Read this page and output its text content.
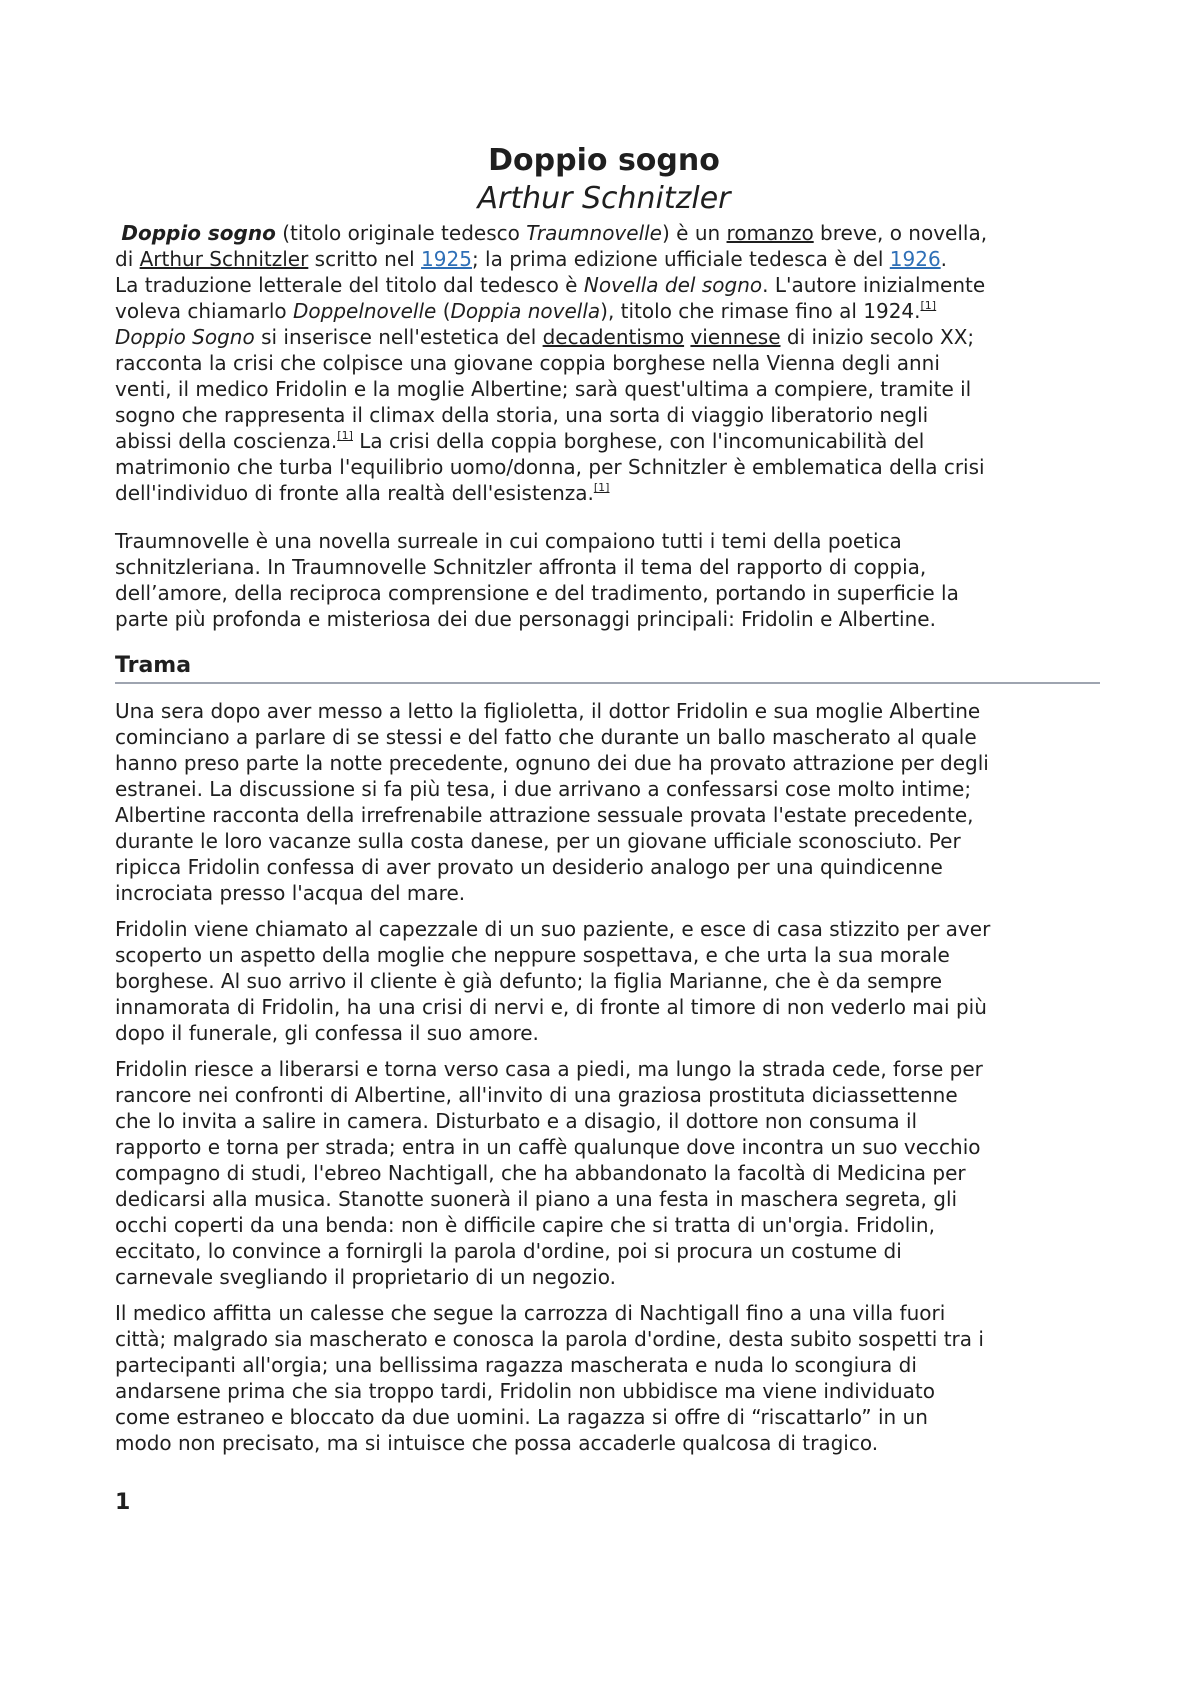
Doppio sogno
Arthur Schnitzler

Doppio sogno (titolo originale tedesco Traumnovelle) è un romanzo breve, o novella,
di Arthur Schnitzler scritto nel 1925; la prima edizione ufficiale tedesca è del 1926.

La traduzione letterale del titolo dal tedesco è Novella del sogno. L'autore inizialmente
voleva chiamarlo Doppelnovelle (Doppia novella), titolo che rimase fino al 1924.[1]

Doppio Sogno si inserisce nell'estetica del decadentismo viennese di inizio secolo XX;
racconta la crisi che colpisce una giovane coppia borghese nella Vienna degli anni
venti, il medico Fridolin e la moglie Albertine; sarà quest'ultima a compiere, tramite il
sogno che rappresenta il climax della storia, una sorta di viaggio liberatorio negli
abissi della coscienza.[1] La crisi della coppia borghese, con l'incomunicabilità del
matrimonio che turba l'equilibrio uomo/donna, per Schnitzler è emblematica della crisi
dell'individuo di fronte alla realtà dell'esistenza.[1]

Traumnovelle è una novella surreale in cui compaiono tutti i temi della poetica
schnitzleriana. In Traumnovelle Schnitzler affronta il tema del rapporto di coppia,
dell’amore, della reciproca comprensione e del tradimento, portando in superficie la
parte più profonda e misteriosa dei due personaggi principali: Fridolin e Albertine.

Trama

Una sera dopo aver messo a letto la figlioletta, il dottor Fridolin e sua moglie Albertine
cominciano a parlare di se stessi e del fatto che durante un ballo mascherato al quale
hanno preso parte la notte precedente, ognuno dei due ha provato attrazione per degli
estranei. La discussione si fa più tesa, i due arrivano a confessarsi cose molto intime;
Albertine racconta della irrefrenabile attrazione sessuale provata l'estate precedente,
durante le loro vacanze sulla costa danese, per un giovane ufficiale sconosciuto. Per
ripicca Fridolin confessa di aver provato un desiderio analogo per una quindicenne
incrociata presso l'acqua del mare.

Fridolin viene chiamato al capezzale di un suo paziente, e esce di casa stizzito per aver
scoperto un aspetto della moglie che neppure sospettava, e che urta la sua morale
borghese. Al suo arrivo il cliente è già defunto; la figlia Marianne, che è da sempre
innamorata di Fridolin, ha una crisi di nervi e, di fronte al timore di non vederlo mai più
dopo il funerale, gli confessa il suo amore.

Fridolin riesce a liberarsi e torna verso casa a piedi, ma lungo la strada cede, forse per
rancore nei confronti di Albertine, all'invito di una graziosa prostituta diciassettenne
che lo invita a salire in camera. Disturbato e a disagio, il dottore non consuma il
rapporto e torna per strada; entra in un caffè qualunque dove incontra un suo vecchio
compagno di studi, l'ebreo Nachtigall, che ha abbandonato la facoltà di Medicina per
dedicarsi alla musica. Stanotte suonerà il piano a una festa in maschera segreta, gli
occhi coperti da una benda: non è difficile capire che si tratta di un'orgia. Fridolin,
eccitato, lo convince a fornirgli la parola d'ordine, poi si procura un costume di
carnevale svegliando il proprietario di un negozio.

Il medico affitta un calesse che segue la carrozza di Nachtigall fino a una villa fuori
città; malgrado sia mascherato e conosca la parola d'ordine, desta subito sospetti tra i
partecipanti all'orgia; una bellissima ragazza mascherata e nuda lo scongiura di
andarsene prima che sia troppo tardi, Fridolin non ubbidisce ma viene individuato
come estraneo e bloccato da due uomini. La ragazza si offre di “riscattarlo” in un
modo non precisato, ma si intuisce che possa accaderle qualcosa di tragico.

1
